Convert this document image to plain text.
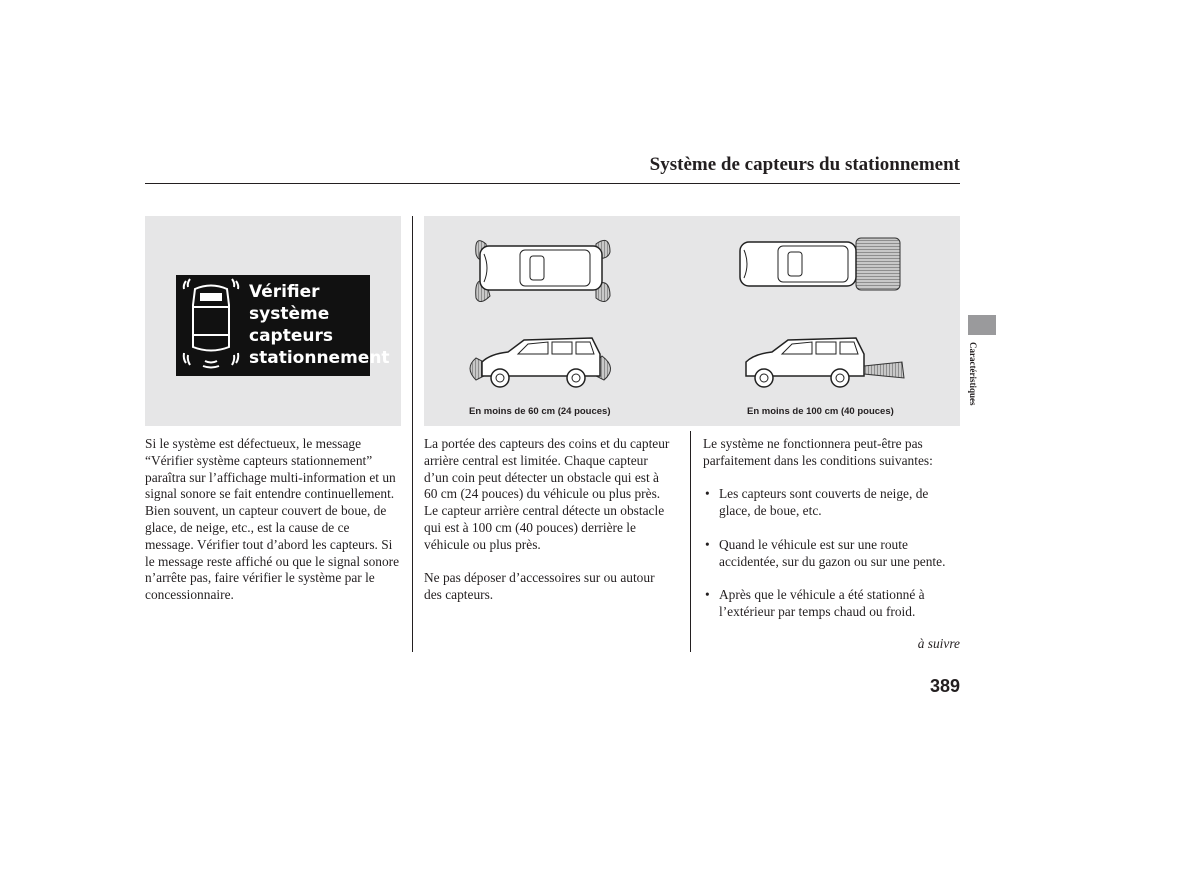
Système de capteurs du stationnement
Vérifier
système
capteurs
stationnement
En moins de 60 cm (24 pouces)	En moins de 100 cm (40 pouces)

Si le système est défectueux, le message “Vérifier système capteurs stationnement” paraîtra sur l’affichage multi-information et un signal sonore se fait entendre continuellement. Bien souvent, un capteur couvert de boue, de glace, de neige, etc., est la cause de ce message. Vérifier tout d’abord les capteurs. Si le message reste affiché ou que le signal sonore n’arrête pas, faire vérifier le système par le concessionnaire.

La portée des capteurs des coins et du capteur arrière central est limitée. Chaque capteur d’un coin peut détecter un obstacle qui est à 60 cm (24 pouces) du véhicule ou plus près. Le capteur arrière central détecte un obstacle qui est à 100 cm (40 pouces) derrière le véhicule ou plus près.

Ne pas déposer d’accessoires sur ou autour des capteurs.

Le système ne fonctionnera peut-être pas parfaitement dans les conditions suivantes:

• Les capteurs sont couverts de neige, de glace, de boue, etc.

• Quand le véhicule est sur une route accidentée, sur du gazon ou sur une pente.

• Après que le véhicule a été stationné à l’extérieur par temps chaud ou froid.

Caractéristiques
à suivre
389
